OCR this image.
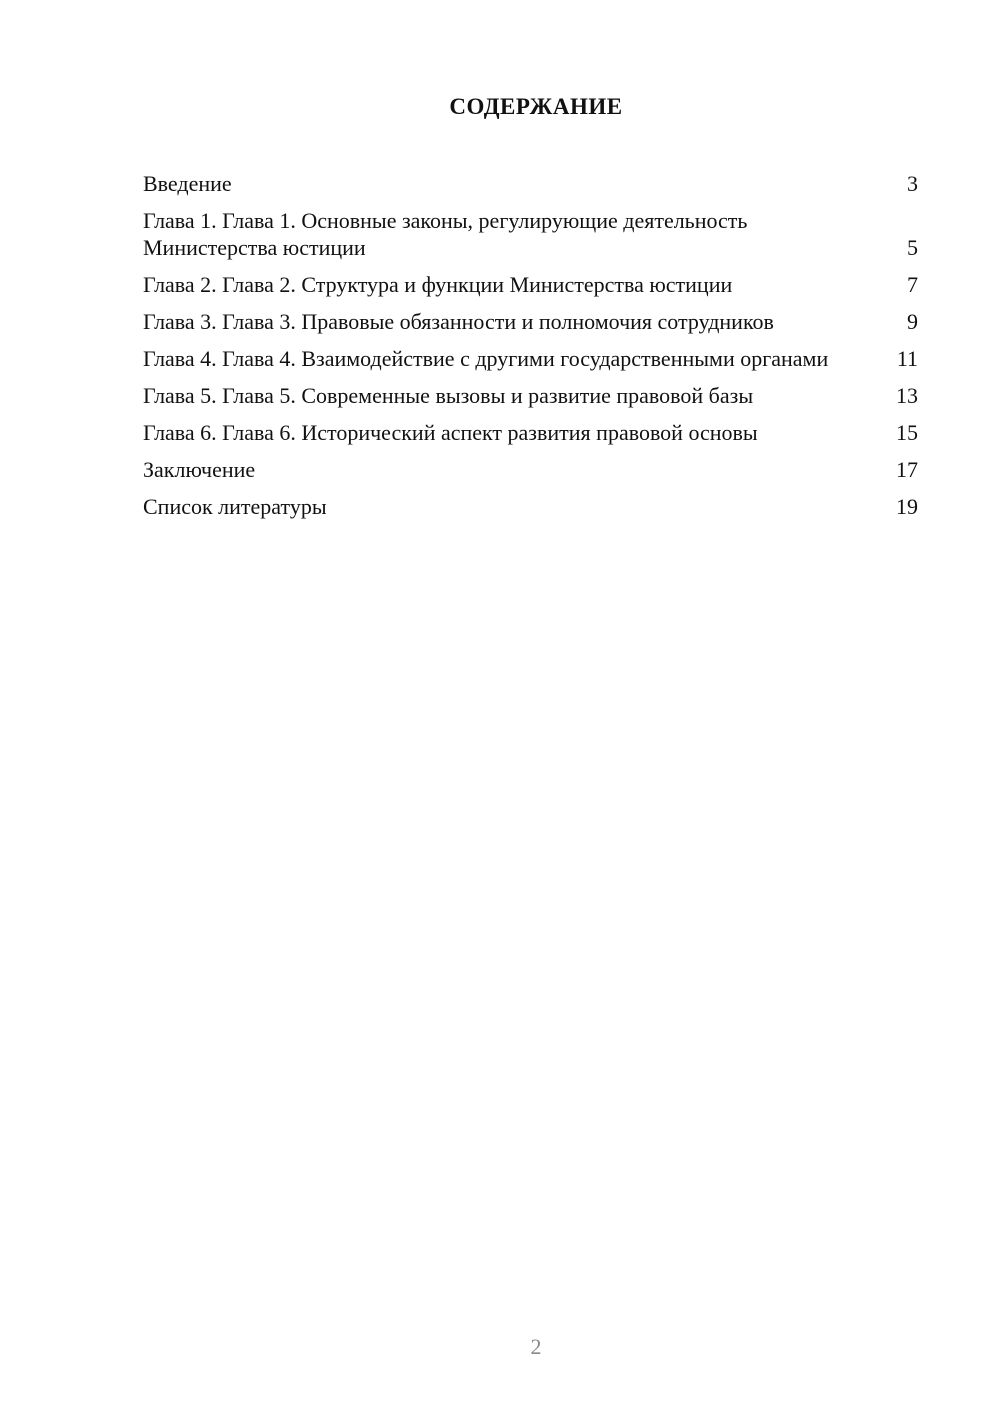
СОДЕРЖАНИЕ
Введение	3
Глава 1. Глава 1. Основные законы, регулирующие деятельность Министерства юстиции	5
Глава 2. Глава 2. Структура и функции Министерства юстиции	7
Глава 3. Глава 3. Правовые обязанности и полномочия сотрудников	9
Глава 4. Глава 4. Взаимодействие с другими государственными органами	11
Глава 5. Глава 5. Современные вызовы и развитие правовой базы	13
Глава 6. Глава 6. Исторический аспект развития правовой основы	15
Заключение	17
Список литературы	19
2
